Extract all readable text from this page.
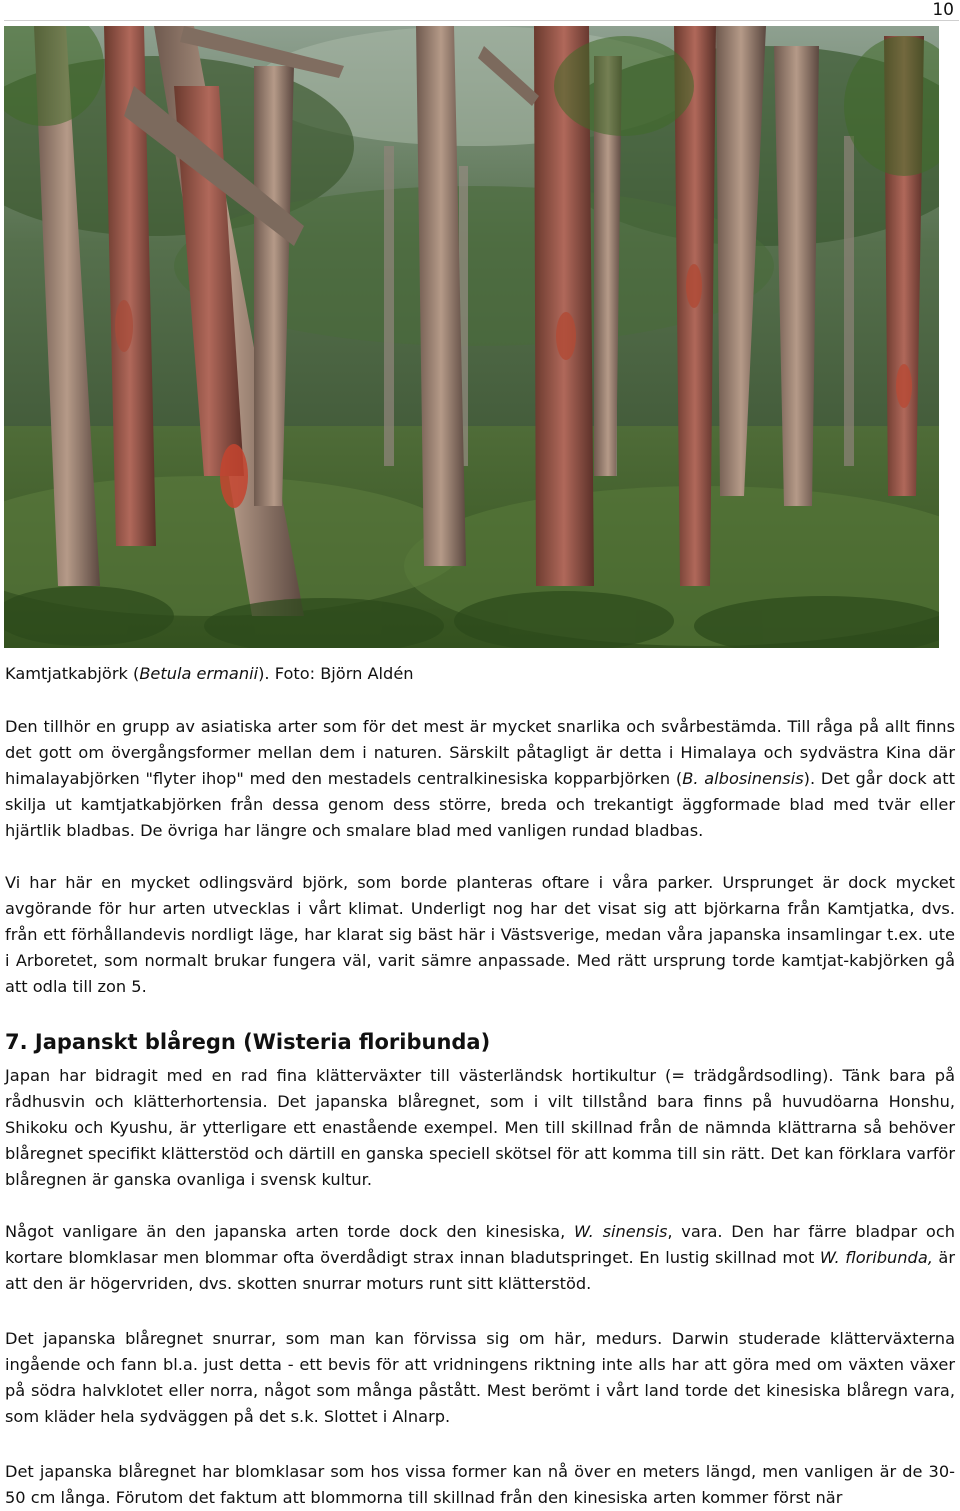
10

Kamtjatkabjörk (Betula ermanii). Foto: Björn Aldén

Den tillhör en grupp av asiatiska arter som för det mest är mycket snarlika och svårbestämda. Till råga på allt finns det gott om övergångsformer mellan dem i naturen. Särskilt påtagligt är detta i Himalaya och sydvästra Kina där himalayabjörken "flyter ihop" med den mestadels centralkinesiska kopparbjörken (B. albosinensis). Det går dock att skilja ut kamtjatkabjörken från dessa genom dess större, breda och trekantigt äggformade blad med tvär eller hjärtlik bladbas. De övriga har längre och smalare blad med vanligen rundad bladbas.

Vi har här en mycket odlingsvärd björk, som borde planteras oftare i våra parker. Ursprunget är dock mycket avgörande för hur arten utvecklas i vårt klimat. Underligt nog har det visat sig att björkarna från Kamtjatka, dvs. från ett förhållandevis nordligt läge, har klarat sig bäst här i Västsverige, medan våra japanska insamlingar t.ex. ute i Arboretet, som normalt brukar fungera väl, varit sämre anpassade. Med rätt ursprung torde kamtjat-kabjörken gå att odla till zon 5.

7. Japanskt blåregn (Wisteria floribunda)

Japan har bidragit med en rad fina klätterväxter till västerländsk hortikultur (= trädgårdsodling). Tänk bara på rådhusvin och klätterhortensia. Det japanska blåregnet, som i vilt tillstånd bara finns på huvudöarna Honshu, Shikoku och Kyushu, är ytterligare ett enastående exempel. Men till skillnad från de nämnda klättrarna så behöver blåregnet specifikt klätterstöd och därtill en ganska speciell skötsel för att komma till sin rätt. Det kan förklara varför blåregnen är ganska ovanliga i svensk kultur.

Något vanligare än den japanska arten torde dock den kinesiska, W. sinensis, vara. Den har färre bladpar och kortare blomklasar men blommar ofta överdådigt strax innan bladutspringet. En lustig skillnad mot W. floribunda, är att den är högervriden, dvs. skotten snurrar moturs runt sitt klätterstöd.

Det japanska blåregnet snurrar, som man kan förvissa sig om här, medurs. Darwin studerade klätterväxterna ingående och fann bl.a. just detta - ett bevis för att vridningens riktning inte alls har att göra med om växten växer på södra halvklotet eller norra, något som många påstått. Mest berömt i vårt land torde det kinesiska blåregn vara, som kläder hela sydväggen på det s.k. Slottet i Alnarp.

Det japanska blåregnet har blomklasar som hos vissa former kan nå över en meters längd, men vanligen är de 30-50 cm långa. Förutom det faktum att blommorna till skillnad från den kinesiska arten kommer först när
